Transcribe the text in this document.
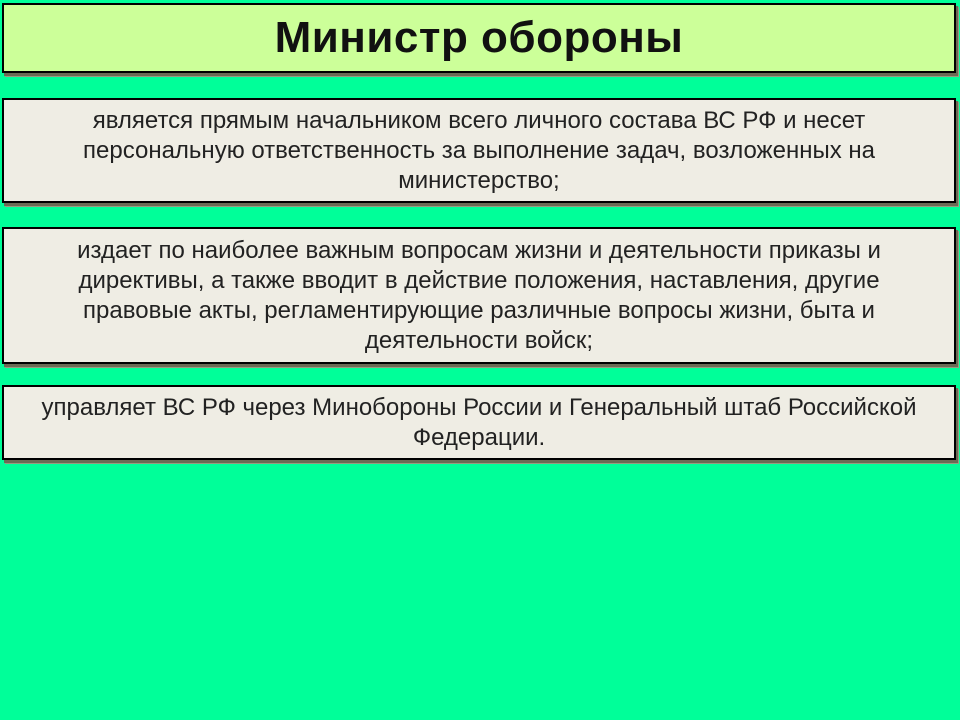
Министр обороны

является прямым начальником всего личного состава ВС РФ и несет персональную ответственность за выполнение задач, возложенных на министерство;

издает по наиболее важным вопросам жизни и деятельности приказы и директивы, а также вводит в действие положения, наставления, другие правовые акты, регламентирующие различные вопросы жизни, быта и деятельности войск;

управляет ВС РФ через Минобороны России и Генеральный штаб Российской Федерации.
